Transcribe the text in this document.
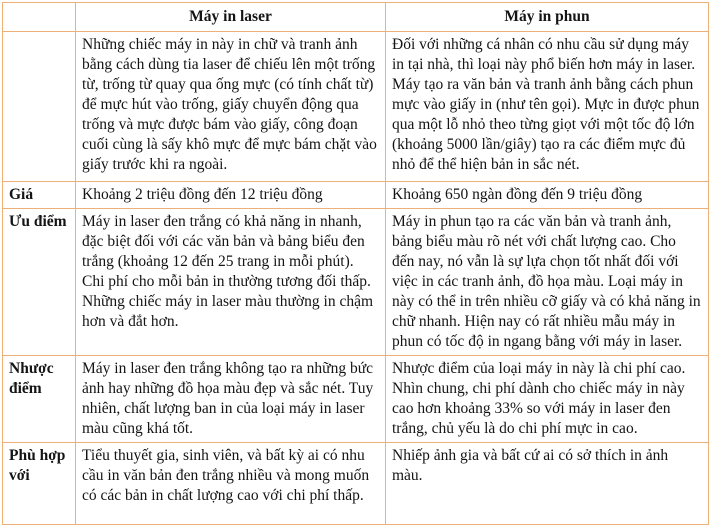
	Máy in laser	Máy in phun
	Những chiếc máy in này in chữ và tranh ảnh bằng cách dùng tia laser để chiếu lên một trống từ, trống từ quay qua ống mực (có tính chất từ) để mực hút vào trống, giấy chuyển động qua trống và mực được bám vào giấy, công đoạn cuối cùng là sấy khô mực để mực bám chặt vào giấy trước khi ra ngoài.	Đối với những cá nhân có nhu cầu sử dụng máy in tại nhà, thì loại này phổ biến hơn máy in laser. Máy tạo ra văn bản và tranh ảnh bằng cách phun mực vào giấy in (như tên gọi). Mực in được phun qua một lỗ nhỏ theo từng giọt với một tốc độ lớn (khoảng 5000 lần/giây) tạo ra các điểm mực đủ nhỏ để thể hiện bản in sắc nét.
Giá	Khoảng 2 triệu đồng đến 12 triệu đồng	Khoảng 650 ngàn đồng đến 9 triệu đồng
Ưu điểm	Máy in laser đen trắng có khả năng in nhanh, đặc biệt đối với các văn bản và bảng biểu đen trắng (khoảng 12 đến 25 trang in mỗi phút). Chi phí cho mỗi bản in thường tương đối thấp. Những chiếc máy in laser màu thường in chậm hơn và đắt hơn.	Máy in phun tạo ra các văn bản và tranh ảnh, bảng biểu màu rõ nét với chất lượng cao. Cho đến nay, nó vẫn là sự lựa chọn tốt nhất đối với việc in các tranh ảnh, đồ họa màu. Loại máy in này có thể in trên nhiều cỡ giấy và có khả năng in chữ nhanh. Hiện nay có rất nhiều mẫu máy in phun có tốc độ in ngang bằng với máy in laser.
Nhược điểm	Máy in laser đen trắng không tạo ra những bức ảnh hay những đồ họa màu đẹp và sắc nét. Tuy nhiên, chất lượng ban in của loại máy in laser màu cũng khá tốt.	Nhược điểm của loại máy in này là chi phí cao. Nhìn chung, chi phí dành cho chiếc máy in này cao hơn khoảng 33% so với máy in laser đen trắng, chủ yếu là do chi phí mực in cao.
Phù hợp với	Tiểu thuyết gia, sinh viên, và bất kỳ ai có nhu cầu in văn bản đen trắng nhiều và mong muốn có các bản in chất lượng cao với chi phí thấp.	Nhiếp ảnh gia và bất cứ ai có sở thích in ảnh màu.
